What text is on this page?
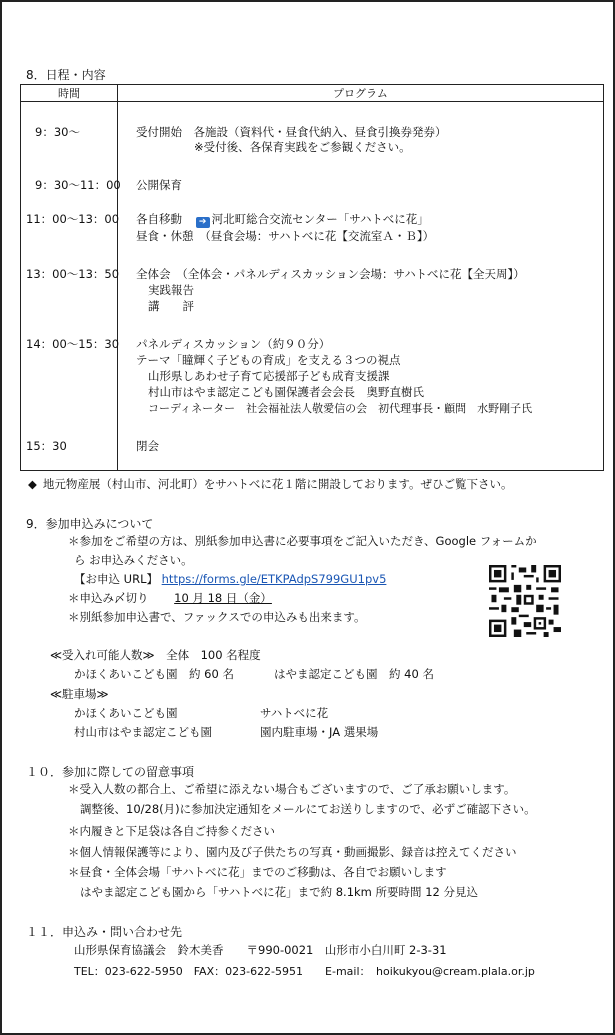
8．日程・内容
時間	プログラム

9：30～	受付開始　各施設（資料代・昼食代納入、昼食引換券発券）
※受付後、各保育実践をご参観ください。
9：30～11：00 公開保育
11：00～13：00 各自移動 ➔ 河北町総合交流センター「サハトべに花」
昼食・休憩　（昼食会場：サハトべに花【交流室Ａ・Ｂ】）
13：00～13：50 全体会　（全体会・パネルディスカッション会場：サハトべに花【全天周】）
実践報告
講　　評
14：00～15：30 パネルディスカッション（約９０分）
テーマ「瞳輝く子どもの育成」を支える３つの視点
山形県しあわせ子育て応援部子ども成育支援課
村山市はやま認定こども園保護者会会長　奥野直樹氏
コーディネーター　社会福祉法人敬愛信の会　初代理事長・顧問　水野剛子氏
15：30	閉会
◆ 地元物産展（村山市、河北町）をサハトべに花１階に開設しております。ぜひご覧下さい。
9．参加申込みについて
＊参加をご希望の方は、別紙参加申込書に必要事項をご記入いただき、Google フォームか
ら お申込みください。
【お申込 URL】 https://forms.gle/ETKPAdpS799GU1pv5
＊申込み〆切り 10 月 18 日（金）
＊別紙参加申込書で、ファックスでの申込みも出来ます。
≪受入れ可能人数≫　全体　100 名程度
かほくあいこども園　約 60 名	はやま認定こども園　約 40 名
≪駐車場≫
かほくあいこども園	サハトべに花
村山市はやま認定こども園	園内駐車場・JA 選果場
１０．参加に際しての留意事項
＊受入人数の都合上、ご希望に添えない場合もございますので、ご了承お願いします。
調整後、10/28(月)に参加決定通知をメールにてお送りしますので、必ずご確認下さい。
＊内履きと下足袋は各自ご持参ください
＊個人情報保護等により、園内及び子供たちの写真・動画撮影、録音は控えてください
＊昼食・全体会場「サハトべに花」までのご移動は、各自でお願いします
はやま認定こども園から「サハトべに花」まで約 8.1km 所要時間 12 分見込
１１．申込み・問い合わせ先
山形県保育協議会　鈴木美香　　〒990-0021　山形市小白川町 2-3-31
TEL：023-622-5950　FAX：023-622-5951　　E-mail：　hoikukyou@cream.plala.or.jp
